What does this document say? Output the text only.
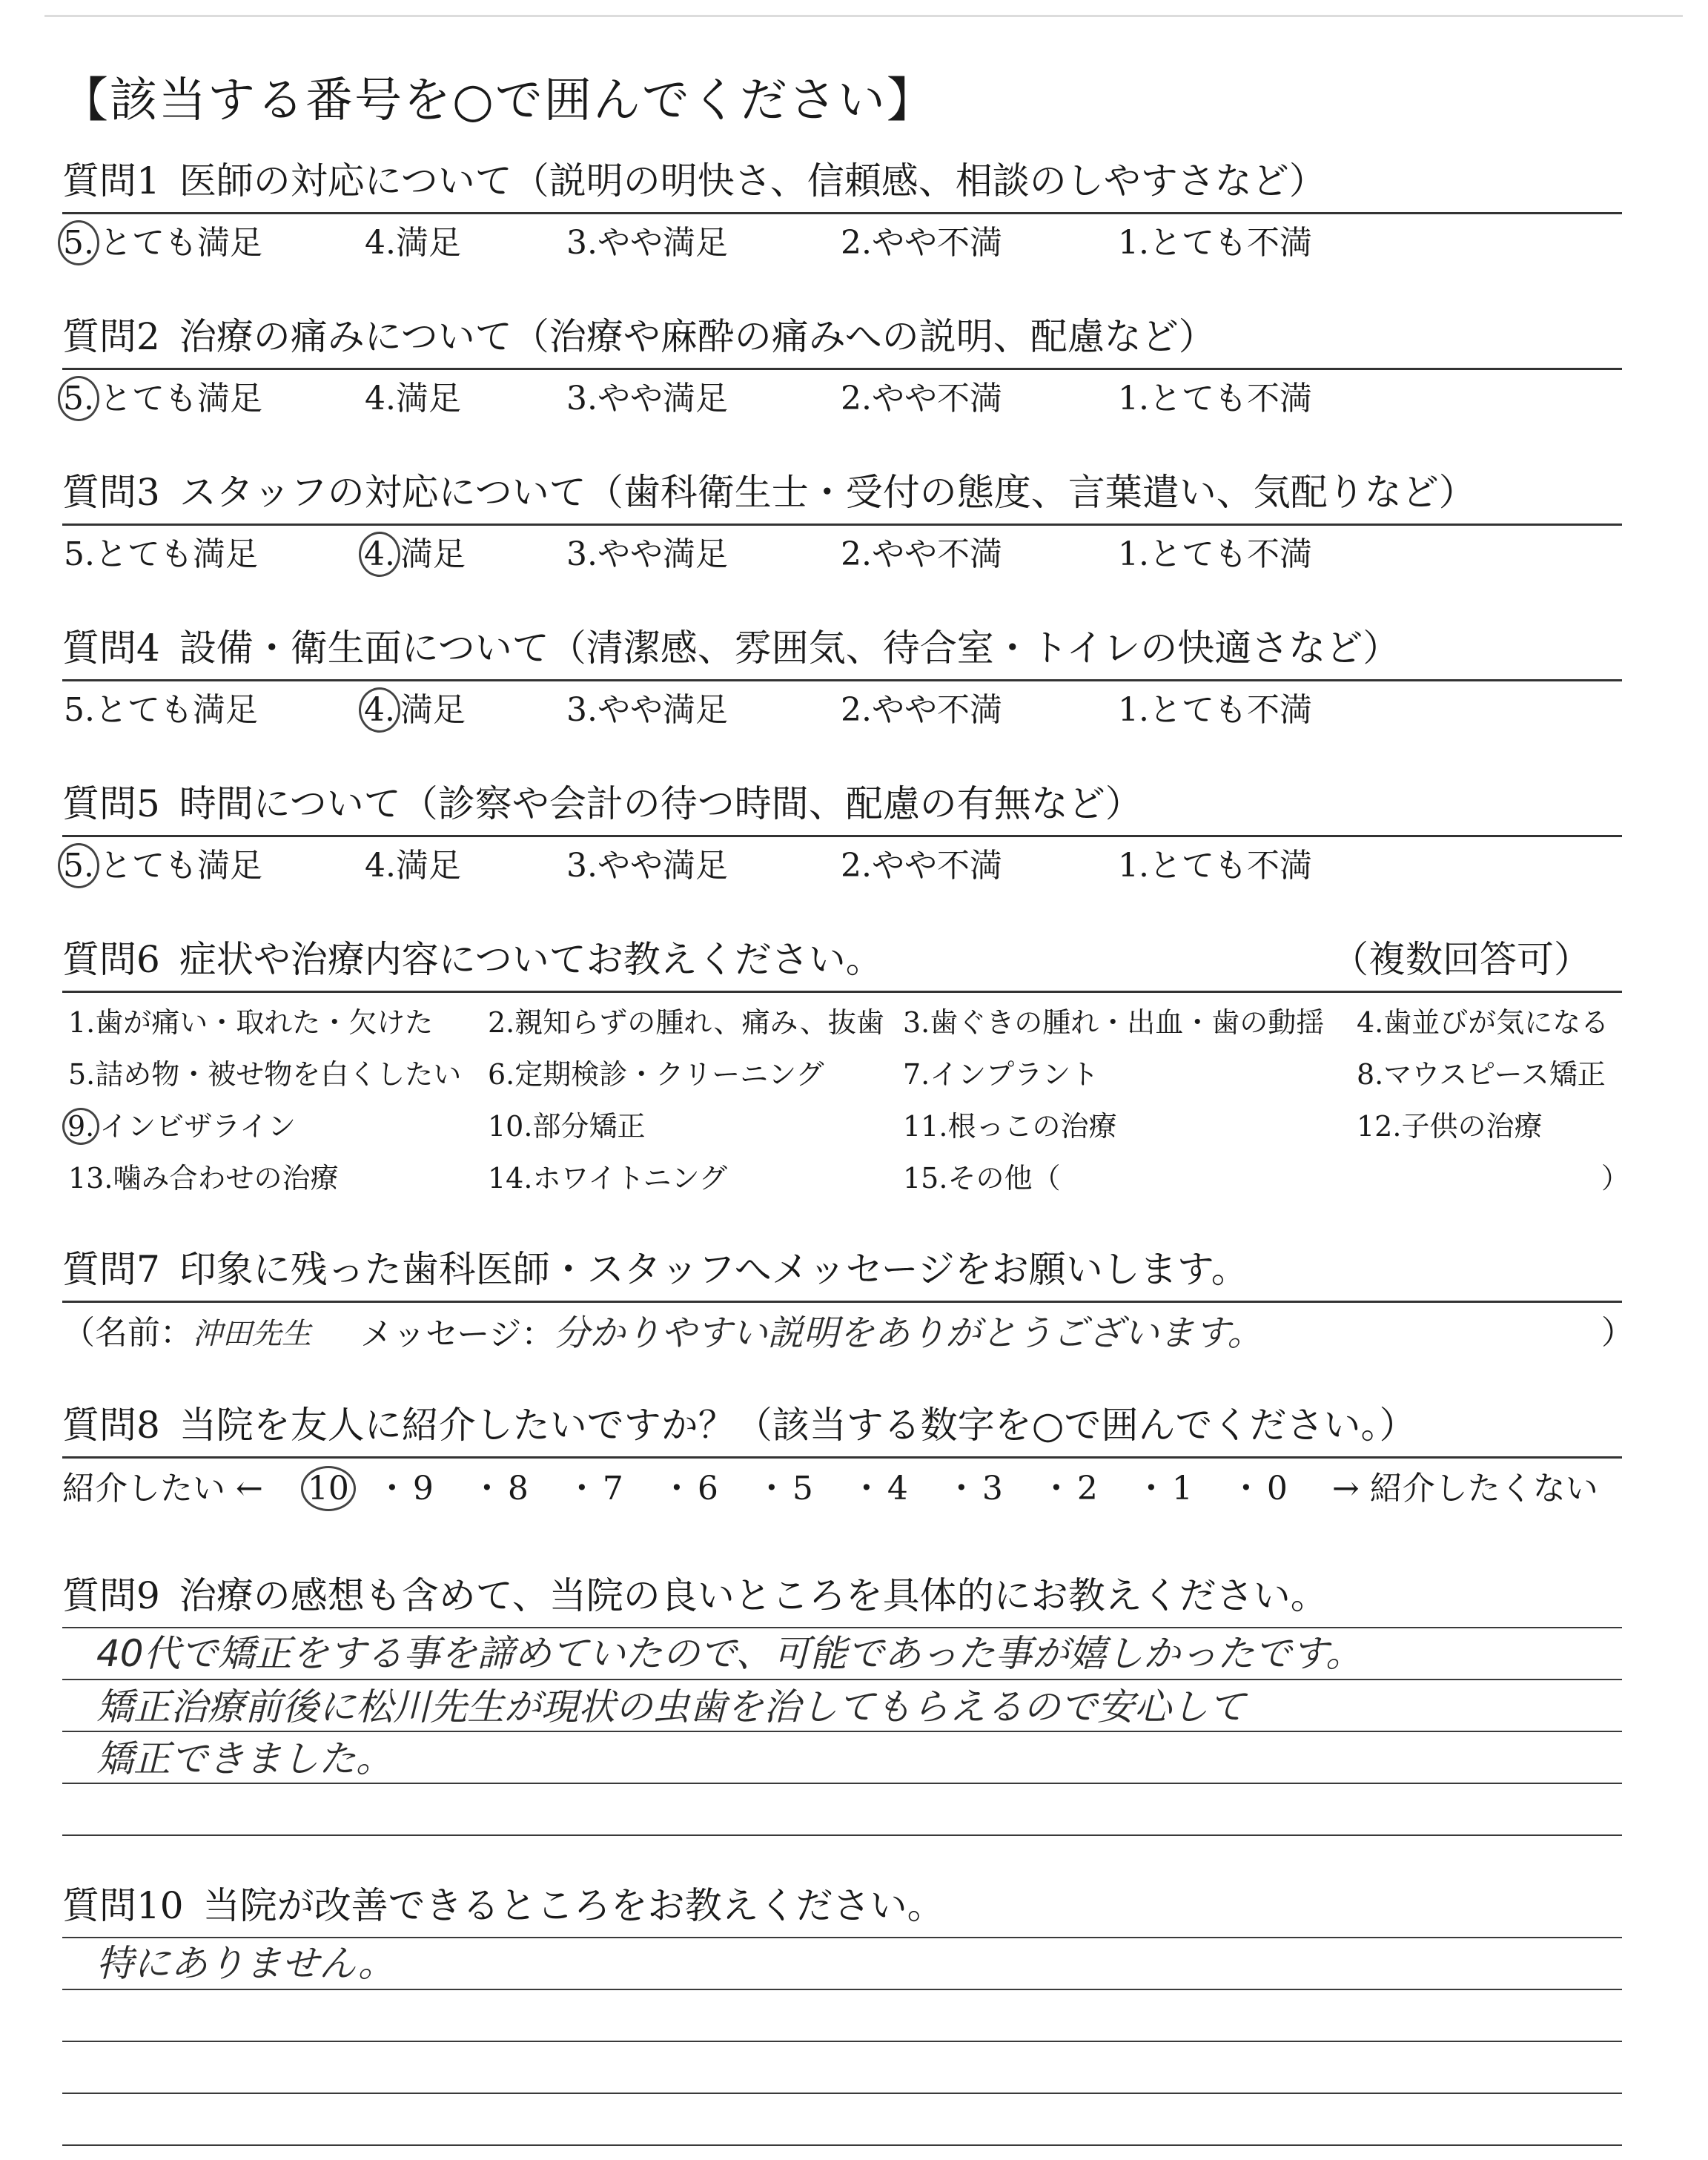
【該当する番号を○で囲んでください】
質問1 医師の対応について（説明の明快さ、信頼感、相談のしやすさなど）
5. とても満足	4.満足	3.やや満足	2.やや不満	1.とても不満
質問2 治療の痛みについて（治療や麻酔の痛みへの説明、配慮など）
5. とても満足	4.満足	3.やや満足	2.やや不満	1.とても不満
質問3 スタッフの対応について（歯科衛生士・受付の態度、言葉遣い、気配りなど）
5.とても満足	4. 満足	3.やや満足	2.やや不満	1.とても不満
質問4 設備・衛生面について（清潔感、雰囲気、待合室・トイレの快適さなど）
5.とても満足	4. 満足	3.やや満足	2.やや不満	1.とても不満
質問5 時間について（診察や会計の待つ時間、配慮の有無など）
5. とても満足	4.満足	3.やや満足	2.やや不満	1.とても不満
質問6 症状や治療内容についてお教えください。	（複数回答可）
1.歯が痛い・取れた・欠けた 2.親知らずの腫れ、痛み、抜歯 3.歯ぐきの腫れ・出血・歯の動揺 4.歯並びが気になる
5.詰め物・被せ物を白くしたい 6.定期検診・クリーニング	7.インプラント	8.マウスピース矯正
9. インビザライン	10.部分矯正	11.根っこの治療	12.子供の治療
13.噛み合わせの治療	14.ホワイトニング	15.その他（	）
質問7 印象に残った歯科医師・スタッフへメッセージをお願いします。
（名前：沖田先生 メッセージ：分かりやすい説明をありがとうございます。	）
質問8 当院を友人に紹介したいですか？（該当する数字を○で囲んでください。）
紹介したい ←	10 ・ 9	・ 8	・ 7	・ 6	・ 5	・ 4	・ 3	・ 2	・ 1	・ 0	→ 紹介したくない
質問9 治療の感想も含めて、当院の良いところを具体的にお教えください。
40代で矯正をする事を諦めていたので、可能であった事が嬉しかったです。
矯正治療前後に松川先生が現状の虫歯を治してもらえるので安心して
矯正できました。
質問10 当院が改善できるところをお教えください。
特にありません。
